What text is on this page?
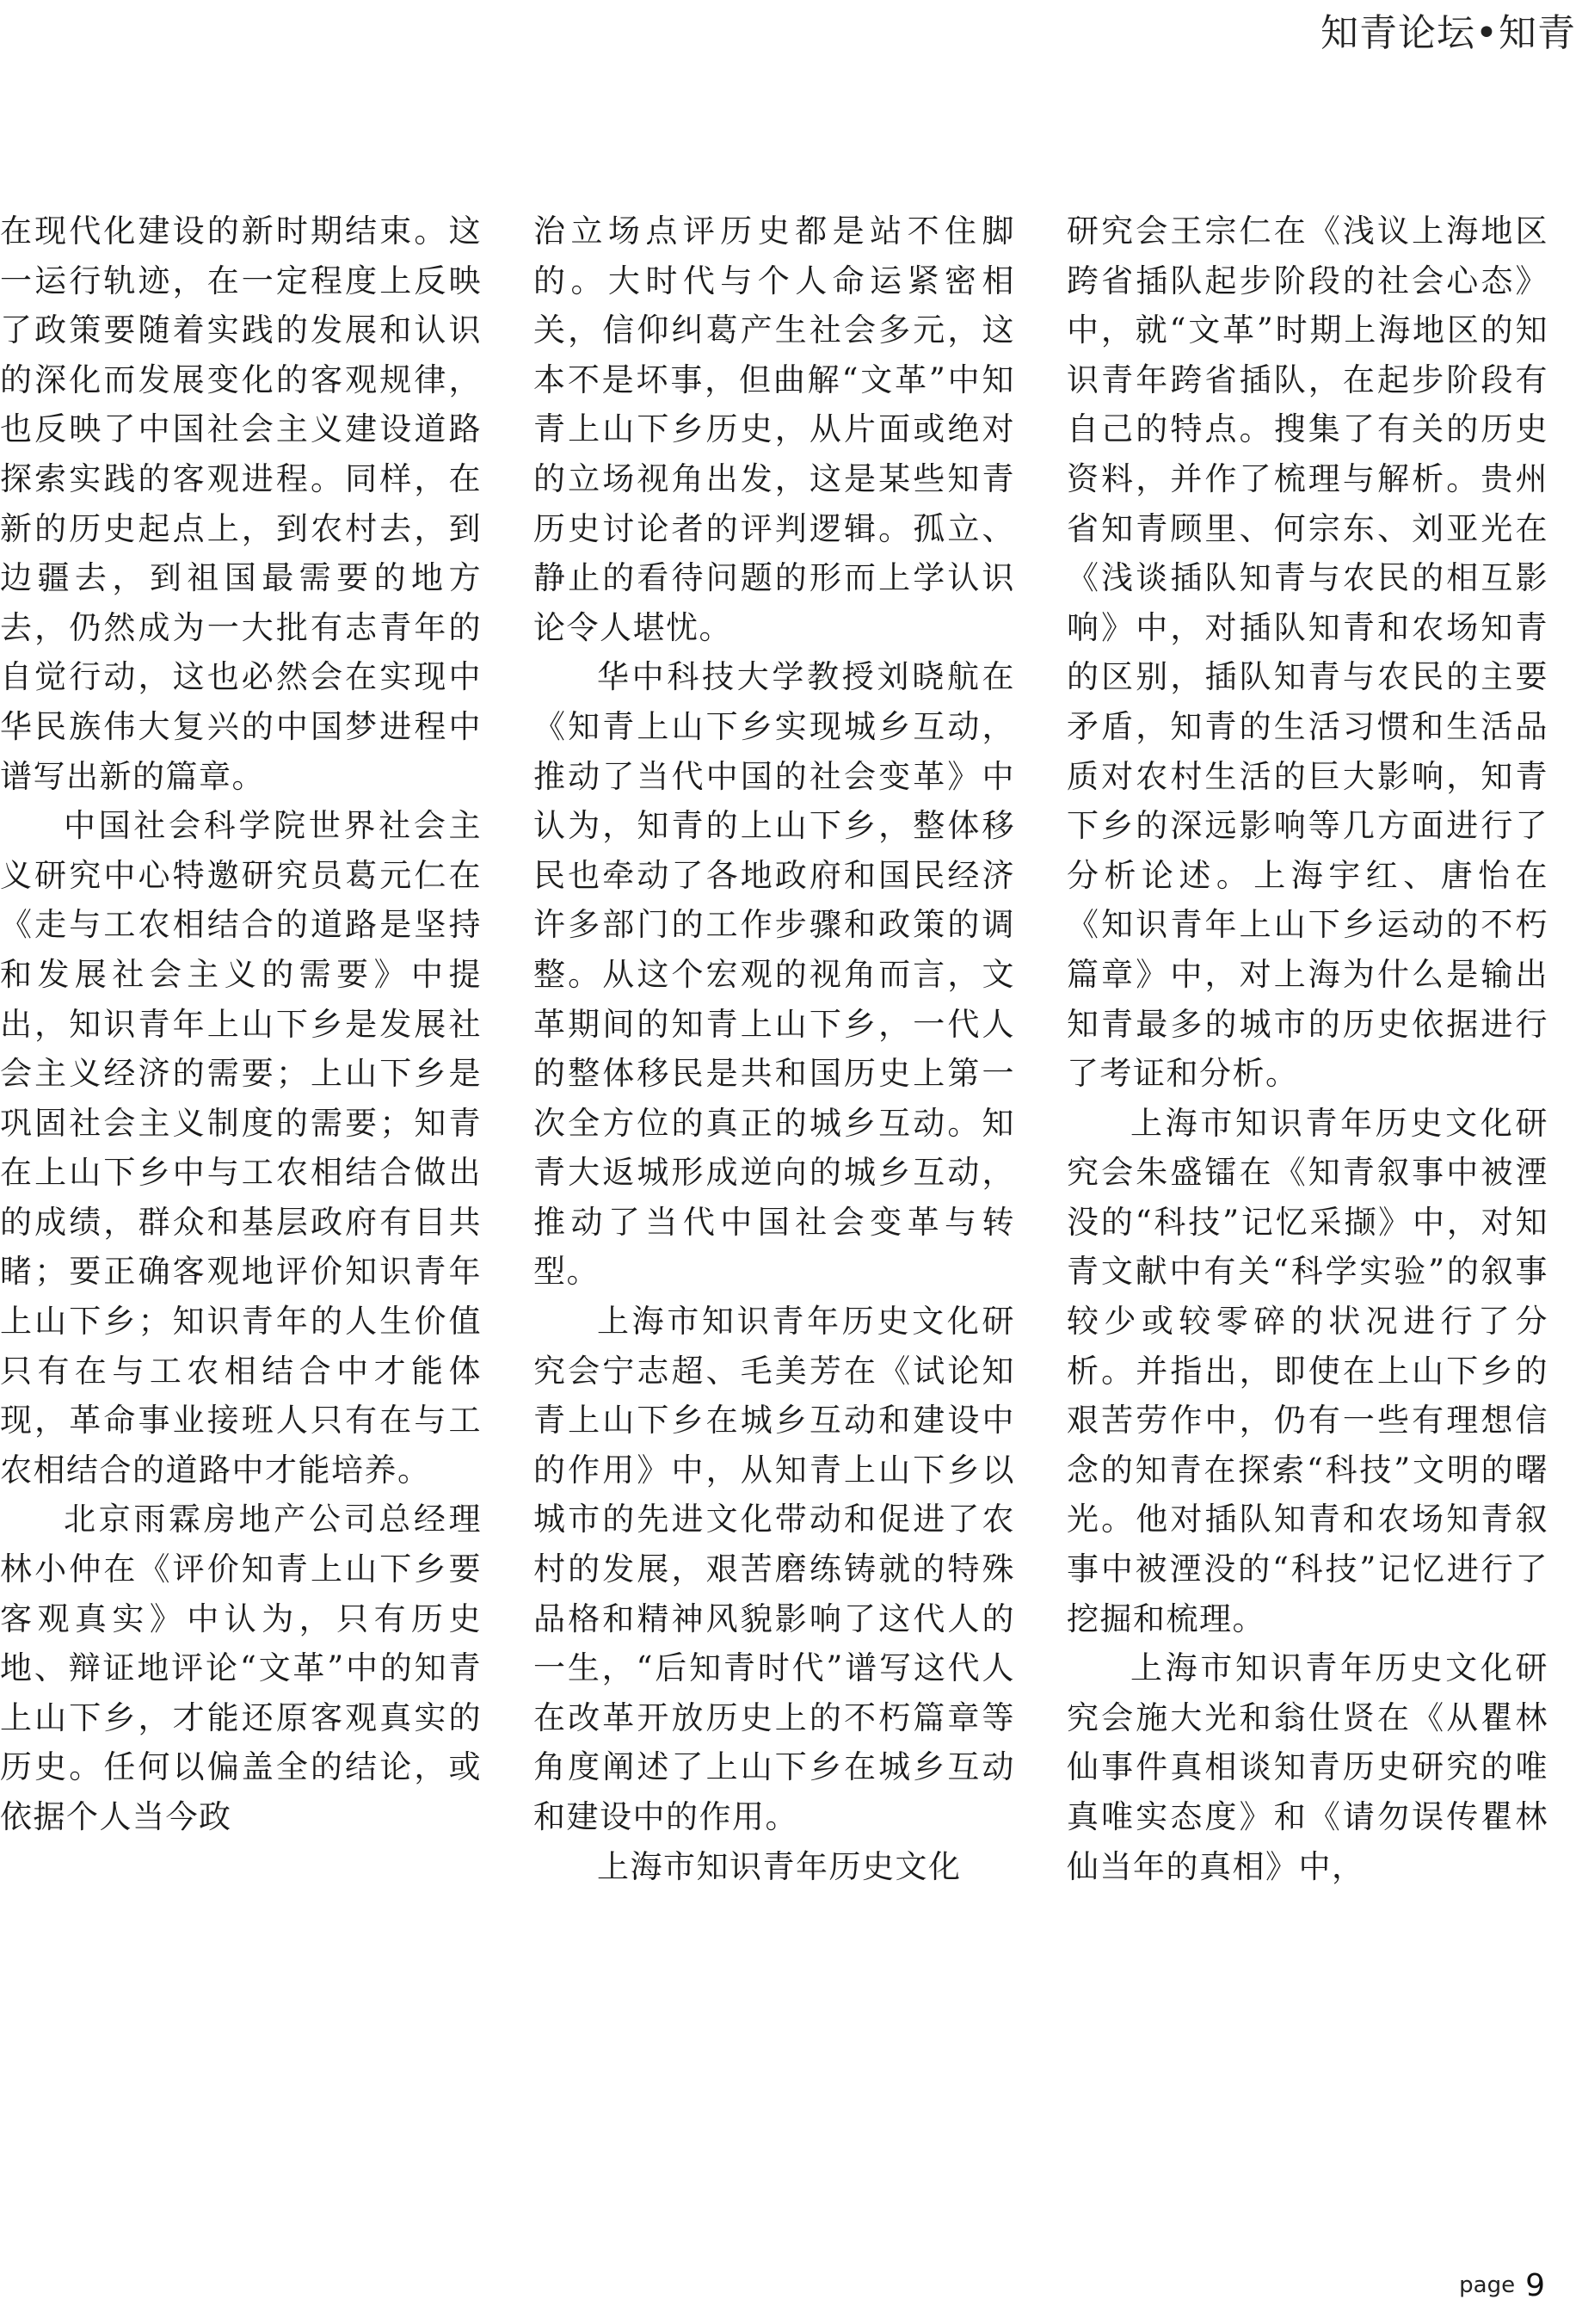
知青论坛•知青

在现代化建设的新时期结束。这一运行轨迹，在一定程度上反映了政策要随着实践的发展和认识的深化而发展变化的客观规律，也反映了中国社会主义建设道路探索实践的客观进程。同样，在新的历史起点上，到农村去，到边疆去，到祖国最需要的地方去，仍然成为一大批有志青年的自觉行动，这也必然会在实现中华民族伟大复兴的中国梦进程中谱写出新的篇章。

中国社会科学院世界社会主义研究中心特邀研究员葛元仁在《走与工农相结合的道路是坚持和发展社会主义的需要》中提出，知识青年上山下乡是发展社会主义经济的需要；上山下乡是巩固社会主义制度的需要；知青在上山下乡中与工农相结合做出的成绩，群众和基层政府有目共睹；要正确客观地评价知识青年上山下乡；知识青年的人生价值只有在与工农相结合中才能体现，革命事业接班人只有在与工农相结合的道路中才能培养。

北京雨霖房地产公司总经理林小仲在《评价知青上山下乡要客观真实》中认为，只有历史地、辩证地评论“文革”中的知青上山下乡，才能还原客观真实的历史。任何以偏盖全的结论，或依据个人当今政

治立场点评历史都是站不住脚的。大时代与个人命运紧密相关，信仰纠葛产生社会多元，这本不是坏事，但曲解“文革”中知青上山下乡历史，从片面或绝对的立场视角出发，这是某些知青历史讨论者的评判逻辑。孤立、静止的看待问题的形而上学认识论令人堪忧。

华中科技大学教授刘晓航在《知青上山下乡实现城乡互动，推动了当代中国的社会变革》中认为，知青的上山下乡，整体移民也牵动了各地政府和国民经济许多部门的工作步骤和政策的调整。从这个宏观的视角而言，文革期间的知青上山下乡，一代人的整体移民是共和国历史上第一次全方位的真正的城乡互动。知青大返城形成逆向的城乡互动，推动了当代中国社会变革与转型。

上海市知识青年历史文化研究会宁志超、毛美芳在《试论知青上山下乡在城乡互动和建设中的作用》中，从知青上山下乡以城市的先进文化带动和促进了农村的发展，艰苦磨练铸就的特殊品格和精神风貌影响了这代人的一生，“后知青时代”谱写这代人在改革开放历史上的不朽篇章等角度阐述了上山下乡在城乡互动和建设中的作用。

上海市知识青年历史文化

研究会王宗仁在《浅议上海地区跨省插队起步阶段的社会心态》中，就“文革”时期上海地区的知识青年跨省插队，在起步阶段有自己的特点。搜集了有关的历史资料，并作了梳理与解析。贵州省知青顾里、何宗东、刘亚光在《浅谈插队知青与农民的相互影响》中，对插队知青和农场知青的区别，插队知青与农民的主要矛盾，知青的生活习惯和生活品质对农村生活的巨大影响，知青下乡的深远影响等几方面进行了分析论述。上海宇红、唐怡在《知识青年上山下乡运动的不朽篇章》中，对上海为什么是输出知青最多的城市的历史依据进行了考证和分析。

上海市知识青年历史文化研究会朱盛镭在《知青叙事中被湮没的“科技”记忆采撷》中，对知青文献中有关“科学实验”的叙事较少或较零碎的状况进行了分析。并指出，即使在上山下乡的艰苦劳作中，仍有一些有理想信念的知青在探索“科技”文明的曙光。他对插队知青和农场知青叙事中被湮没的“科技”记忆进行了挖掘和梳理。

上海市知识青年历史文化研究会施大光和翁仕贤在《从瞿林仙事件真相谈知青历史研究的唯真唯实态度》和《请勿误传瞿林仙当年的真相》中，

page 9
